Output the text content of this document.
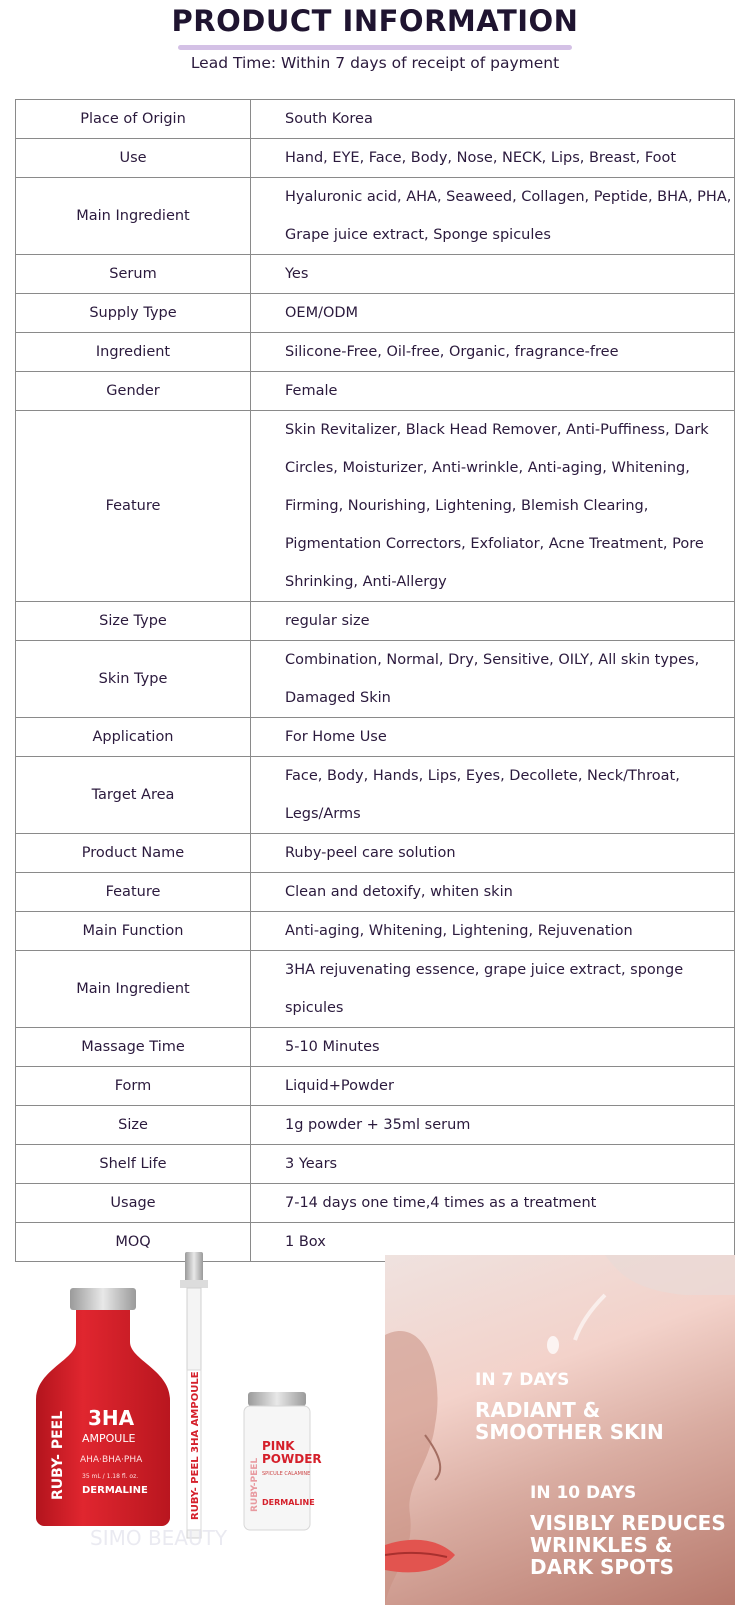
PRODUCT INFORMATION
Lead Time: Within 7 days of receipt of payment
Place of Origin	South Korea
Use	Hand, EYE, Face, Body, Nose, NECK, Lips, Breast, Foot
Main Ingredient	Hyaluronic acid, AHA, Seaweed, Collagen, Peptide, BHA, PHA, Grape juice extract, Sponge spicules
Serum	Yes
Supply Type	OEM/ODM
Ingredient	Silicone-Free, Oil-free, Organic, fragrance-free
Gender	Female
Feature	Skin Revitalizer, Black Head Remover, Anti-Puffiness, Dark Circles, Moisturizer, Anti-wrinkle, Anti-aging, Whitening, Firming, Nourishing, Lightening, Blemish Clearing, Pigmentation Correctors, Exfoliator, Acne Treatment, Pore Shrinking, Anti-Allergy
Size Type	regular size
Skin Type	Combination, Normal, Dry, Sensitive, OILY, All skin types, Damaged Skin
Application	For Home Use
Target Area	Face, Body, Hands, Lips, Eyes, Decollete, Neck/Throat, Legs/Arms
Product Name	Ruby-peel care solution
Feature	Clean and detoxify, whiten skin
Main Function	Anti-aging, Whitening, Lightening, Rejuvenation
Main Ingredient	3HA rejuvenating essence, grape juice extract, sponge spicules
Massage Time	5-10 Minutes
Form	Liquid+Powder
Size	1g powder + 35ml serum
Shelf Life	3 Years
Usage	7-14 days one time,4 times as a treatment
MOQ	1 Box
RUBY- PEEL 3HA AMPOULE
3HA
AMPOULE
AHA·BHA·PHA
35 mL / 1.18 fl. oz.
DERMALINE
RUBY- PEEL	PINK
POWDER
SPICULE CALAMINE
DERMALINE
RUBY-PEEL
SIMO BEAUTY
IN 7 DAYS
RADIANT & SMOOTHER SKIN
IN 10 DAYS
VISIBLY REDUCES WRINKLES & DARK SPOTS
